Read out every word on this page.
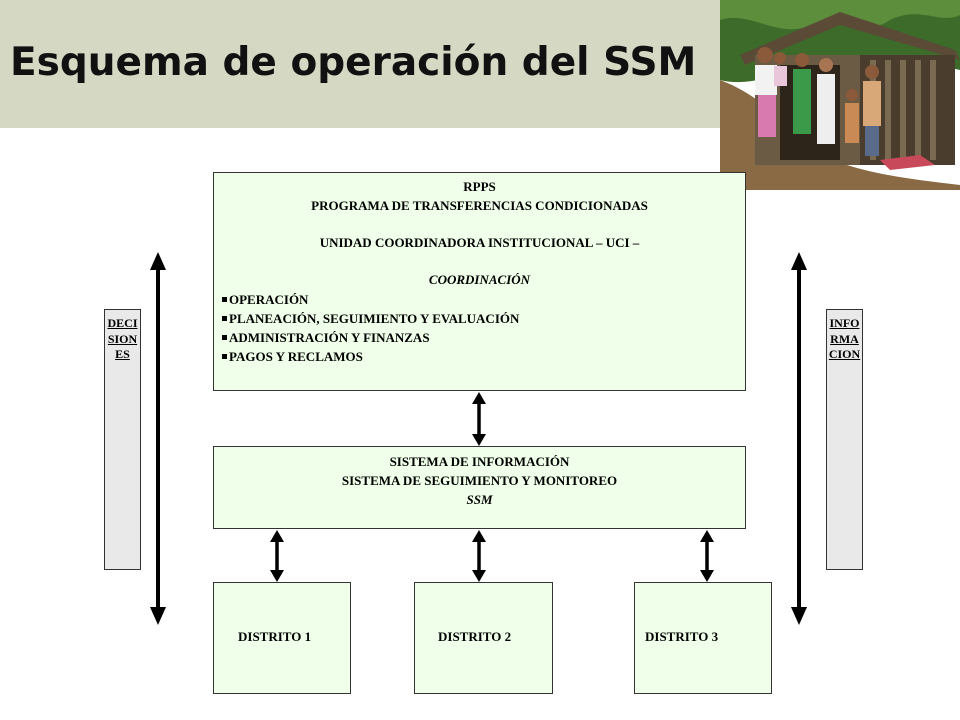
Esquema de operación del SSM
RPPS
PROGRAMA DE TRANSFERENCIAS CONDICIONADAS
UNIDAD COORDINADORA INSTITUCIONAL – UCI –
COORDINACIÓN
OPERACIÓN
PLANEACIÓN, SEGUIMIENTO Y EVALUACIÓN
ADMINISTRACIÓN Y FINANZAS
PAGOS Y RECLAMOS
SISTEMA DE INFORMACIÓN
SISTEMA DE SEGUIMIENTO Y MONITOREO
SSM
DISTRITO 1	DISTRITO 2	DISTRITO 3
DECISIONES
INFORMACION
